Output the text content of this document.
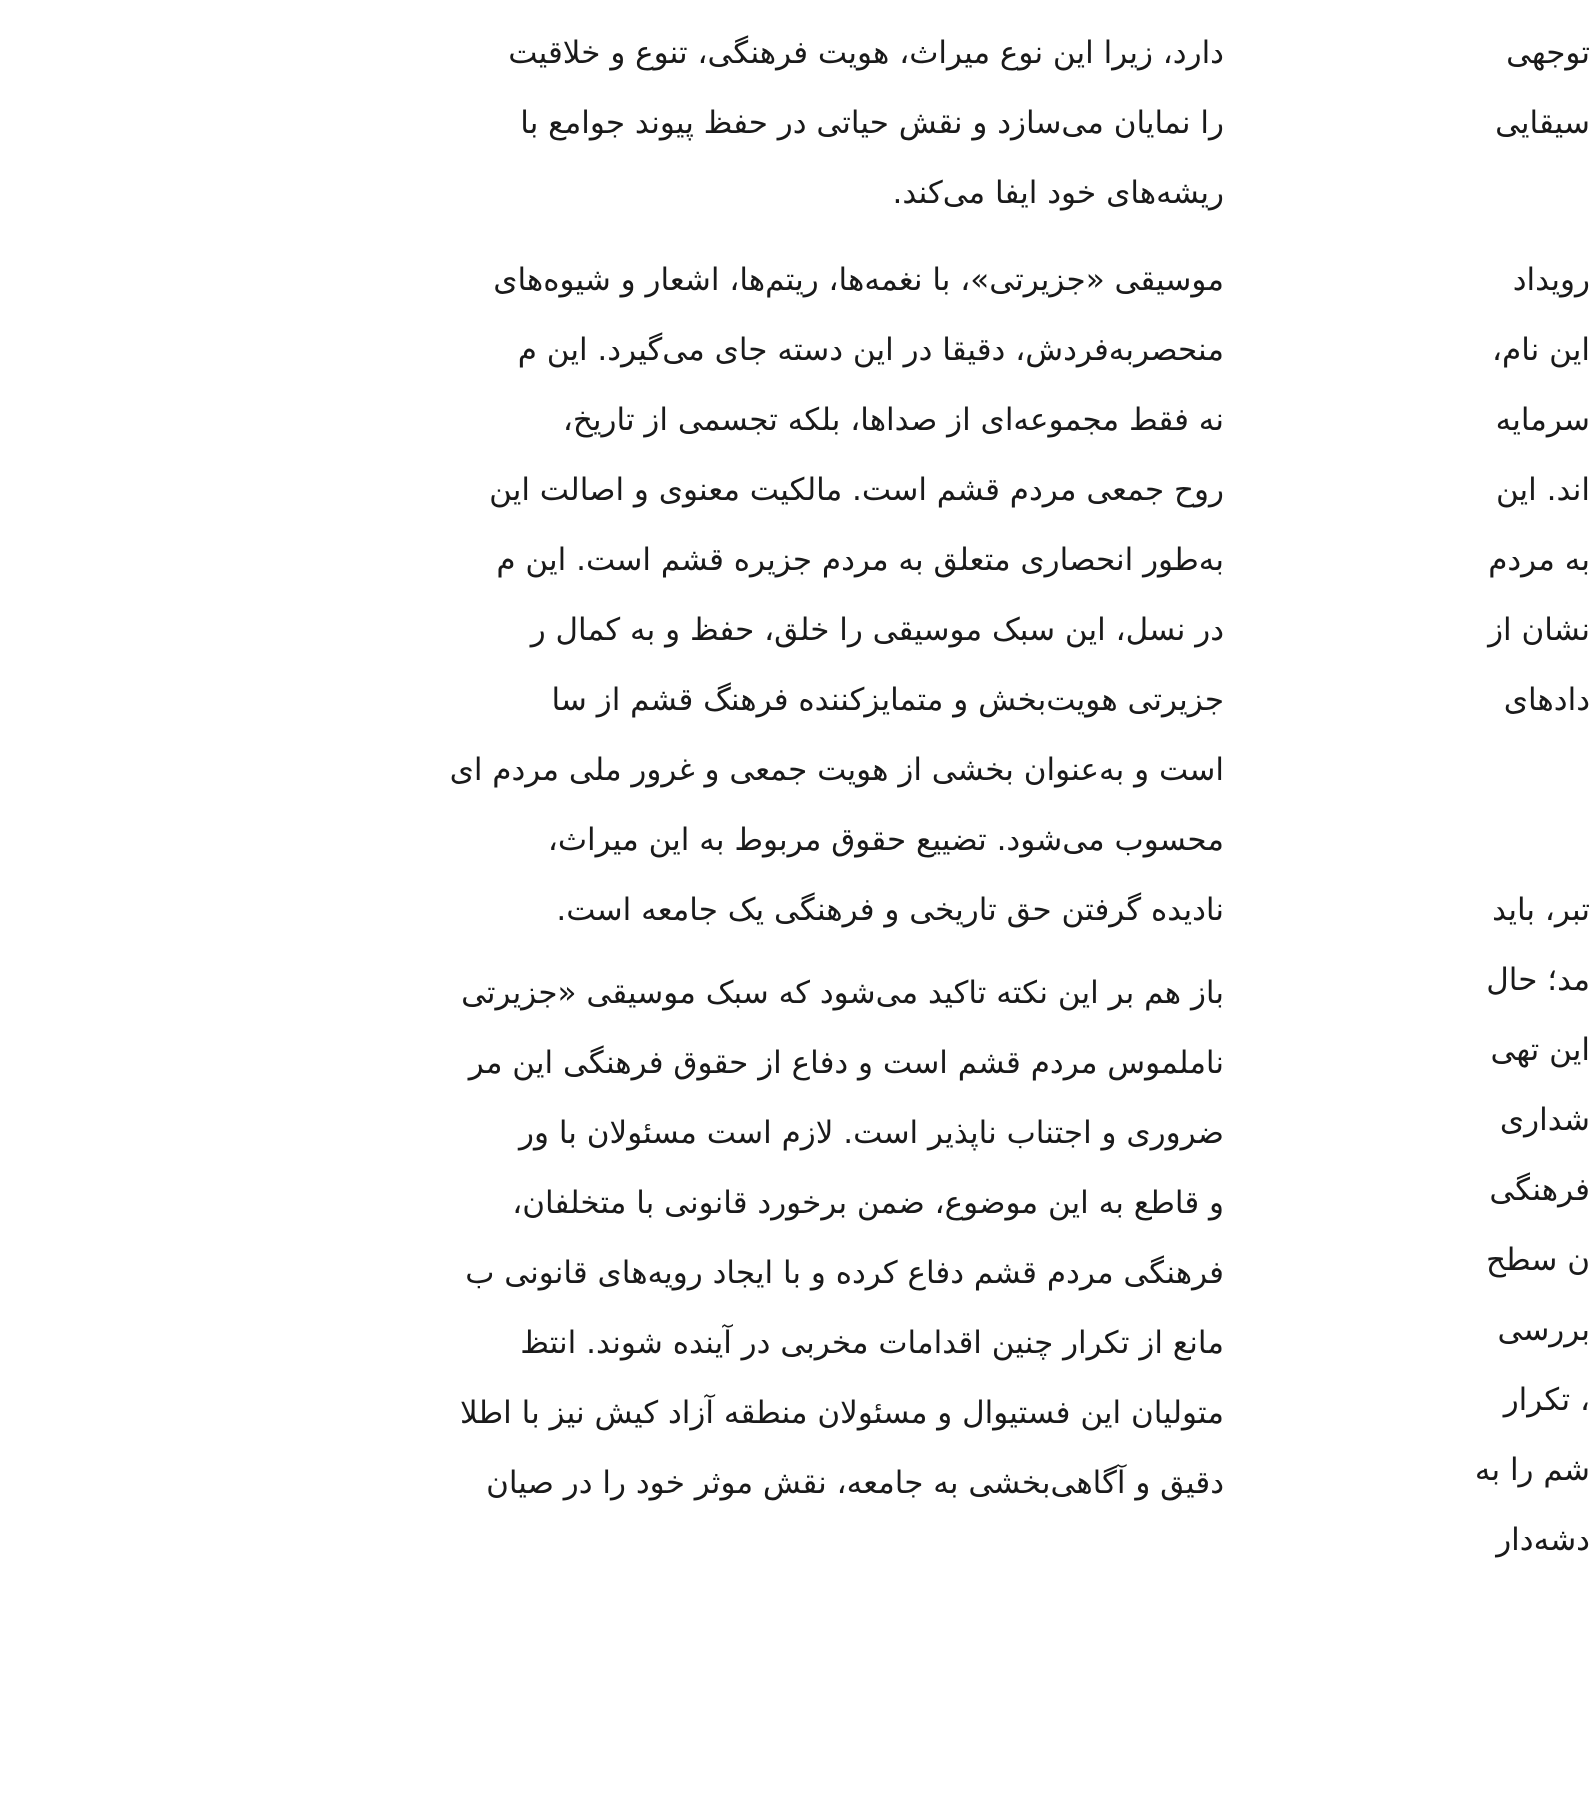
دارد، زیرا این نوع میراث، هویت فرهنگی، تنوع و خلاقیت
را نمایان می‌سازد و نقش حیاتی در حفظ پیوند جوامع با
ریشه‌های خود ایفا می‌کند.
موسیقی «جزیرتی»، با نغمه‌ها، ریتم‌ها، اشعار و شیوه‌های
منحصربه‌فردش، دقیقا در این دسته جای می‌گیرد. این م
نه فقط مجموعه‌ای از صداها، بلکه تجسمی از تاریخ،
روح جمعی مردم قشم است. مالکیت معنوی و اصالت این
به‌طور انحصاری متعلق به مردم جزیره قشم است. این م
در نسل، این سبک موسیقی را خلق، حفظ و به کمال ر
جزیرتی هویت‌بخش و متمایزکننده فرهنگ قشم از سا
است و به‌عنوان بخشی از هویت جمعی و غرور ملی مردم ای
محسوب می‌شود. تضییع حقوق مربوط به این میراث،
نادیده گرفتن حق تاریخی و فرهنگی یک جامعه است.
باز هم بر این نکته تاکید می‌شود که سبک موسیقی «جزیرتی
ناملموس مردم قشم است و دفاع از حقوق فرهنگی این مر
ضروری و اجتناب ناپذیر است. لازم است مسئولان با ور
و قاطع به این موضوع، ضمن برخورد قانونی با متخلفان،
فرهنگی مردم قشم دفاع کرده و با ایجاد رویه‌های قانونی ب
مانع از تکرار چنین اقدامات مخربی در آینده شوند. انتظ
متولیان این فستیوال و مسئولان منطقه آزاد کیش نیز با اطلا
دقیق و آگاهی‌بخشی به جامعه، نقش موثر خود را در صیان
توجهی
سیقایی
رویداد
این نام،
سرمایه
‌اند. این
به مردم
نشان از
دادهای
تبر، باید
مد؛ حال
این تهی
شداری
فرهنگی
ن سطح
بررسی
، تکرار
شم را به
دشه‌دار
